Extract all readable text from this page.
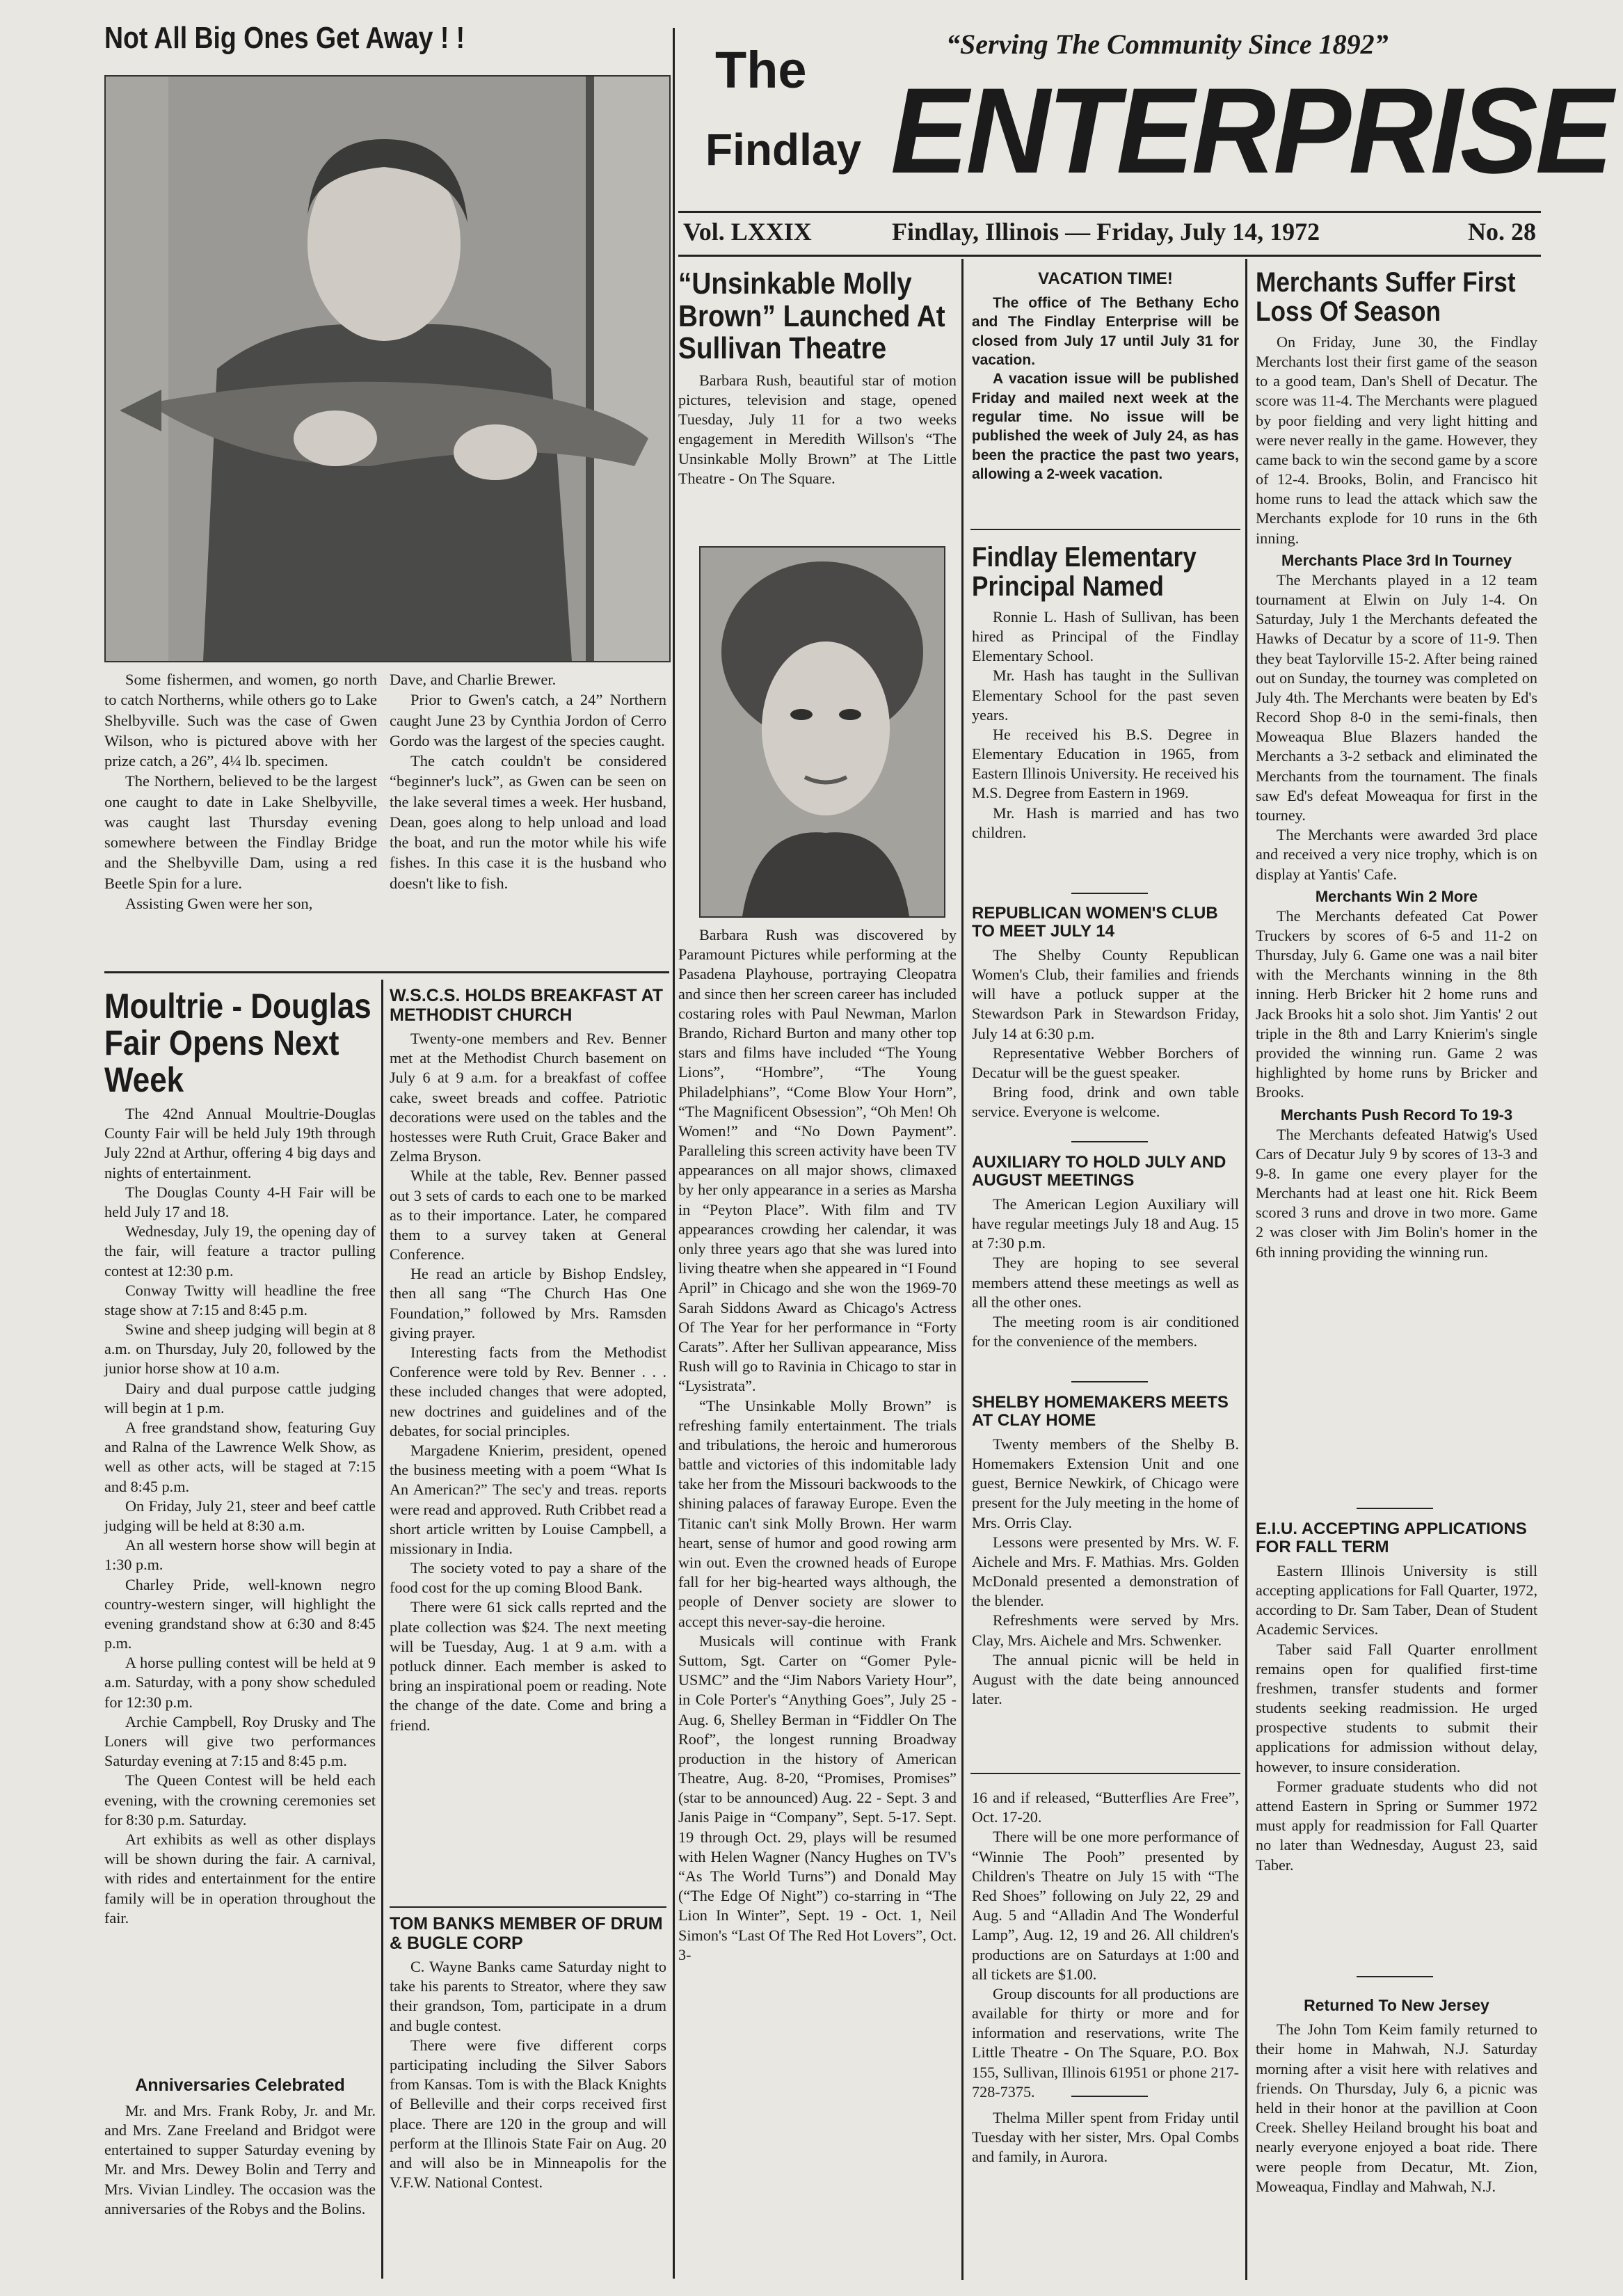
Not All Big Ones Get Away ! !	“Serving The Community Since 1892”
The
Findlay ENTERPRISE
Vol. LXXIX	Findlay, Illinois — Friday, July 14, 1972	No. 28

Some fishermen, and women, go north to catch Northerns, while others go to Lake Shelbyville. Such was the case of Gwen Wilson, who is pictured above with her prize catch, a 26”, 4¼ lb. specimen.

The Northern, believed to be the largest one caught to date in Lake Shelbyville, was caught last Thursday evening somewhere between the Findlay Bridge and the Shelbyville Dam, using a red Beetle Spin for a lure.

Assisting Gwen were her son,

Dave, and Charlie Brewer.

Prior to Gwen's catch, a 24” Northern caught June 23 by Cynthia Jordon of Cerro Gordo was the largest of the species caught.

The catch couldn't be considered “beginner's luck”, as Gwen can be seen on the lake several times a week. Her husband, Dean, goes along to help unload and load the boat, and run the motor while his wife fishes. In this case it is the husband who doesn't like to fish.

Moultrie - Douglas Fair Opens Next Week

The 42nd Annual Moultrie-Douglas County Fair will be held July 19th through July 22nd at Arthur, offering 4 big days and nights of entertainment.

The Douglas County 4-H Fair will be held July 17 and 18.

Wednesday, July 19, the opening day of the fair, will feature a tractor pulling contest at 12:30 p.m.

Conway Twitty will headline the free stage show at 7:15 and 8:45 p.m.

Swine and sheep judging will begin at 8 a.m. on Thursday, July 20, followed by the junior horse show at 10 a.m.

Dairy and dual purpose cattle judging will begin at 1 p.m.

A free grandstand show, featuring Guy and Ralna of the Lawrence Welk Show, as well as other acts, will be staged at 7:15 and 8:45 p.m.

On Friday, July 21, steer and beef cattle judging will be held at 8:30 a.m.

An all western horse show will begin at 1:30 p.m.

Charley Pride, well-known negro country-western singer, will highlight the evening grandstand show at 6:30 and 8:45 p.m.

A horse pulling contest will be held at 9 a.m. Saturday, with a pony show scheduled for 12:30 p.m.

Archie Campbell, Roy Drusky and The Loners will give two performances Saturday evening at 7:15 and 8:45 p.m.

The Queen Contest will be held each evening, with the crowning ceremonies set for 8:30 p.m. Saturday.

Art exhibits as well as other displays will be shown during the fair. A carnival, with rides and entertainment for the entire family will be in operation throughout the fair.

Anniversaries Celebrated

Mr. and Mrs. Frank Roby, Jr. and Mr. and Mrs. Zane Freeland and Bridgot were entertained to supper Saturday evening by Mr. and Mrs. Dewey Bolin and Terry and Mrs. Vivian Lindley. The occasion was the anniversaries of the Robys and the Bolins.

W.S.C.S. HOLDS BREAKFAST AT METHODIST CHURCH

Twenty-one members and Rev. Benner met at the Methodist Church basement on July 6 at 9 a.m. for a breakfast of coffee cake, sweet breads and coffee. Patriotic decorations were used on the tables and the hostesses were Ruth Cruit, Grace Baker and Zelma Bryson.

While at the table, Rev. Benner passed out 3 sets of cards to each one to be marked as to their importance. Later, he compared them to a survey taken at General Conference.

He read an article by Bishop Endsley, then all sang “The Church Has One Foundation,” followed by Mrs. Ramsden giving prayer.

Interesting facts from the Methodist Conference were told by Rev. Benner . . . these included changes that were adopted, new doctrines and guidelines and of the debates, for social principles.

Margadene Knierim, president, opened the business meeting with a poem “What Is An American?” The sec'y and treas. reports were read and approved. Ruth Cribbet read a short article written by Louise Campbell, a missionary in India.

The society voted to pay a share of the food cost for the up coming Blood Bank.

There were 61 sick calls reprted and the plate collection was $24. The next meeting will be Tuesday, Aug. 1 at 9 a.m. with a potluck dinner. Each member is asked to bring an inspirational poem or reading. Note the change of the date. Come and bring a friend.

TOM BANKS MEMBER OF DRUM & BUGLE CORP

C. Wayne Banks came Saturday night to take his parents to Streator, where they saw their grandson, Tom, participate in a drum and bugle contest.

There were five different corps participating including the Silver Sabors from Kansas. Tom is with the Black Knights of Belleville and their corps received first place. There are 120 in the group and will perform at the Illinois State Fair on Aug. 20 and will also be in Minneapolis for the V.F.W. National Contest.

“Unsinkable Molly Brown” Launched At Sullivan Theatre

Barbara Rush, beautiful star of motion pictures, television and stage, opened Tuesday, July 11 for a two weeks engagement in Meredith Willson's “The Unsinkable Molly Brown” at The Little Theatre - On The Square.

Barbara Rush was discovered by Paramount Pictures while performing at the Pasadena Playhouse, portraying Cleopatra and since then her screen career has included costaring roles with Paul Newman, Marlon Brando, Richard Burton and many other top stars and films have included “The Young Lions”, “Hombre”, “The Young Philadelphians”, “Come Blow Your Horn”, “The Magnificent Obsession”, “Oh Men! Oh Women!” and “No Down Payment”. Paralleling this screen activity have been TV appearances on all major shows, climaxed by her only appearance in a series as Marsha in “Peyton Place”. With film and TV appearances crowding her calendar, it was only three years ago that she was lured into living theatre when she appeared in “I Found April” in Chicago and she won the 1969-70 Sarah Siddons Award as Chicago's Actress Of The Year for her performance in “Forty Carats”. After her Sullivan appearance, Miss Rush will go to Ravinia in Chicago to star in “Lysistrata”.

“The Unsinkable Molly Brown” is refreshing family entertainment. The trials and tribulations, the heroic and humerorous battle and victories of this indomitable lady take her from the Missouri backwoods to the shining palaces of faraway Europe. Even the Titanic can't sink Molly Brown. Her warm heart, sense of humor and good rowing arm win out. Even the crowned heads of Europe fall for her big-hearted ways although, the people of Denver society are slower to accept this never-say-die heroine.

Musicals will continue with Frank Suttom, Sgt. Carter on “Gomer Pyle-USMC” and the “Jim Nabors Variety Hour”, in Cole Porter's “Anything Goes”, July 25 - Aug. 6, Shelley Berman in “Fiddler On The Roof”, the longest running Broadway production in the history of American Theatre, Aug. 8-20, “Promises, Promises” (star to be announced) Aug. 22 - Sept. 3 and Janis Paige in “Company”, Sept. 5-17. Sept. 19 through Oct. 29, plays will be resumed with Helen Wagner (Nancy Hughes on TV's “As The World Turns”) and Donald May (“The Edge Of Night”) co-starring in “The Lion In Winter”, Sept. 19 - Oct. 1, Neil Simon's “Last Of The Red Hot Lovers”, Oct. 3-

VACATION TIME!

The office of The Bethany Echo and The Findlay Enterprise will be closed from July 17 until July 31 for vacation.

A vacation issue will be published Friday and mailed next week at the regular time. No issue will be published the week of July 24, as has been the practice the past two years, allowing a 2-week vacation.

Findlay Elementary Principal Named

Ronnie L. Hash of Sullivan, has been hired as Principal of the Findlay Elementary School.

Mr. Hash has taught in the Sullivan Elementary School for the past seven years.

He received his B.S. Degree in Elementary Education in 1965, from Eastern Illinois University. He received his M.S. Degree from Eastern in 1969.

Mr. Hash is married and has two children.

REPUBLICAN WOMEN'S CLUB TO MEET JULY 14

The Shelby County Republican Women's Club, their families and friends will have a potluck supper at the Stewardson Park in Stewardson Friday, July 14 at 6:30 p.m.

Representative Webber Borchers of Decatur will be the guest speaker.

Bring food, drink and own table service. Everyone is welcome.

AUXILIARY TO HOLD JULY AND AUGUST MEETINGS

The American Legion Auxiliary will have regular meetings July 18 and Aug. 15 at 7:30 p.m.

They are hoping to see several members attend these meetings as well as all the other ones.

The meeting room is air conditioned for the convenience of the members.

SHELBY HOMEMAKERS MEETS AT CLAY HOME

Twenty members of the Shelby B. Homemakers Extension Unit and one guest, Bernice Newkirk, of Chicago were present for the July meeting in the home of Mrs. Orris Clay.

Lessons were presented by Mrs. W. F. Aichele and Mrs. F. Mathias. Mrs. Golden McDonald presented a demonstration of the blender.

Refreshments were served by Mrs. Clay, Mrs. Aichele and Mrs. Schwenker.

The annual picnic will be held in August with the date being announced later.

16 and if released, “Butterflies Are Free”, Oct. 17-20.

There will be one more performance of “Winnie The Pooh” presented by Children's Theatre on July 15 with “The Red Shoes” following on July 22, 29 and Aug. 5 and “Alladin And The Wonderful Lamp”, Aug. 12, 19 and 26. All children's productions are on Saturdays at 1:00 and all tickets are $1.00.

Group discounts for all productions are available for thirty or more and for information and reservations, write The Little Theatre - On The Square, P.O. Box 155, Sullivan, Illinois 61951 or phone 217-728-7375.

Thelma Miller spent from Friday until Tuesday with her sister, Mrs. Opal Combs and family, in Aurora.

Merchants Suffer First Loss Of Season

On Friday, June 30, the Findlay Merchants lost their first game of the season to a good team, Dan's Shell of Decatur. The score was 11-4. The Merchants were plagued by poor fielding and very light hitting and were never really in the game. However, they came back to win the second game by a score of 12-4. Brooks, Bolin, and Francisco hit home runs to lead the attack which saw the Merchants explode for 10 runs in the 6th inning.

Merchants Place 3rd In Tourney

The Merchants played in a 12 team tournament at Elwin on July 1-4. On Saturday, July 1 the Merchants defeated the Hawks of Decatur by a score of 11-9. Then they beat Taylorville 15-2. After being rained out on Sunday, the tourney was completed on July 4th. The Merchants were beaten by Ed's Record Shop 8-0 in the semi-finals, then Moweaqua Blue Blazers handed the Merchants a 3-2 setback and eliminated the Merchants from the tournament. The finals saw Ed's defeat Moweaqua for first in the tourney.

The Merchants were awarded 3rd place and received a very nice trophy, which is on display at Yantis' Cafe.

Merchants Win 2 More

The Merchants defeated Cat Power Truckers by scores of 6-5 and 11-2 on Thursday, July 6. Game one was a nail biter with the Merchants winning in the 8th inning. Herb Bricker hit 2 home runs and Jack Brooks hit a solo shot. Jim Yantis' 2 out triple in the 8th and Larry Knierim's single provided the winning run. Game 2 was highlighted by home runs by Bricker and Brooks.

Merchants Push Record To 19-3

The Merchants defeated Hatwig's Used Cars of Decatur July 9 by scores of 13-3 and 9-8. In game one every player for the Merchants had at least one hit. Rick Beem scored 3 runs and drove in two more. Game 2 was closer with Jim Bolin's homer in the 6th inning providing the winning run.

E.I.U. ACCEPTING APPLICATIONS FOR FALL TERM

Eastern Illinois University is still accepting applications for Fall Quarter, 1972, according to Dr. Sam Taber, Dean of Student Academic Services.

Taber said Fall Quarter enrollment remains open for qualified first-time freshmen, transfer students and former students seeking readmission. He urged prospective students to submit their applications for admission without delay, however, to insure consideration.

Former graduate students who did not attend Eastern in Spring or Summer 1972 must apply for readmission for Fall Quarter no later than Wednesday, August 23, said Taber.

Returned To New Jersey

The John Tom Keim family returned to their home in Mahwah, N.J. Saturday morning after a visit here with relatives and friends. On Thursday, July 6, a picnic was held in their honor at the pavillion at Coon Creek. Shelley Heiland brought his boat and nearly everyone enjoyed a boat ride. There were people from Decatur, Mt. Zion, Moweaqua, Findlay and Mahwah, N.J.
